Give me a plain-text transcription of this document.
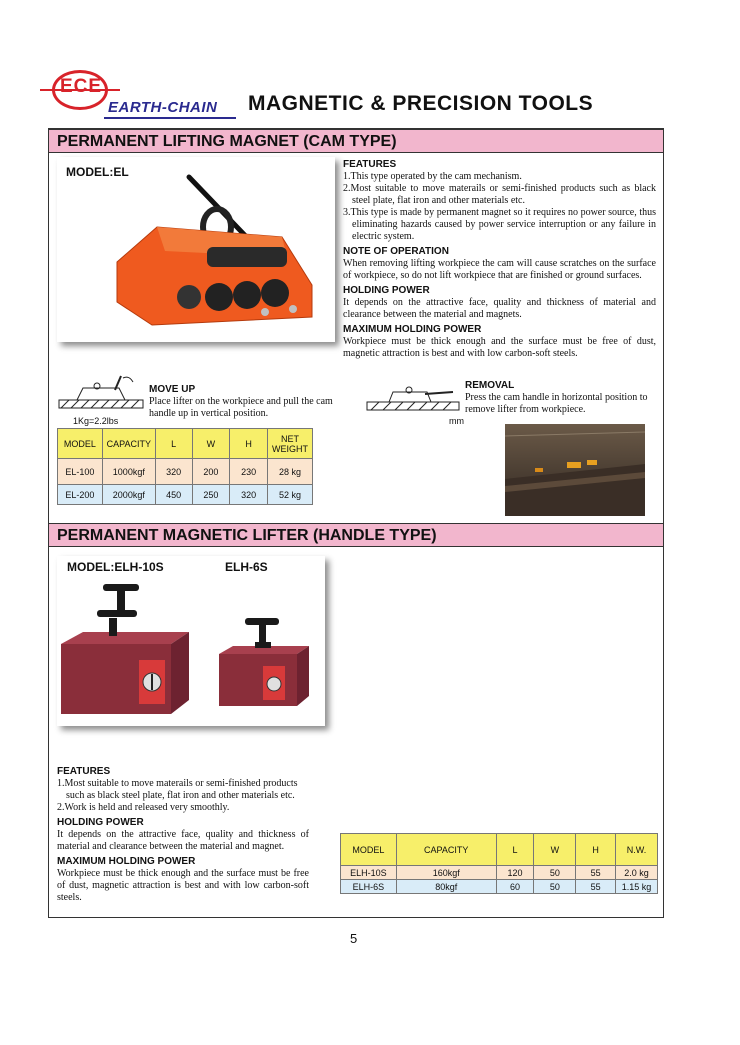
ECE
EARTH-CHAIN MAGNETIC & PRECISION TOOLS
PERMANENT LIFTING MAGNET (CAM TYPE)
MODEL:EL
FEATURES
1.This type operated by the cam mechanism.
2.Most suitable to move materails or semi-finished products such as black steel plate, flat iron and other materials etc.
3.This type is made by permanent magnet so it requires no power source, thus eliminating hazards caused by power service interruption or any failure in electric system.
NOTE OF OPERATION
When removing lifting workpiece the cam will cause scratches on the surface of workpiece, so do not lift workpiece that are finished or ground surfaces.
HOLDING POWER
It depends on the attractive face, quality and thickness of material and clearance between the material and magnets.
MAXIMUM HOLDING POWER
Workpiece must be thick enough and the surface must be free of dust, magnetic attraction is best and with low carbon-soft steels.
1Kg=2.2lbs
MOVE UP
Place lifter on the workpiece and pull the cam handle up in vertical position.
mm
REMOVAL
Press the cam handle in horizontal position to remove lifter from workpiece.
MODEL	CAPACITY	L	W	H	NET WEIGHT
EL-100	1000kgf	320	200	230	28 kg
EL-200	2000kgf	450	250	320	52 kg
PERMANENT MAGNETIC LIFTER (HANDLE TYPE)
MODEL:ELH-10S	ELH-6S
FEATURES
1.Most suitable to move materails or semi-finished products such as black steel plate, flat iron and other materials etc.
2.Work is held and released very smoothly.
HOLDING POWER
It depends on the attractive face, quality and thickness of material and clearance between the material and magnet.
MAXIMUM HOLDING POWER
Workpiece must be thick enough and the surface must be free of dust, magnetic attraction is best and with low carbon-soft steels.
MODEL	CAPACITY	L	W	H	N.W.
ELH-10S	160kgf	120	50	55	2.0 kg
ELH-6S	80kgf	60	50	55	1.15 kg
5
